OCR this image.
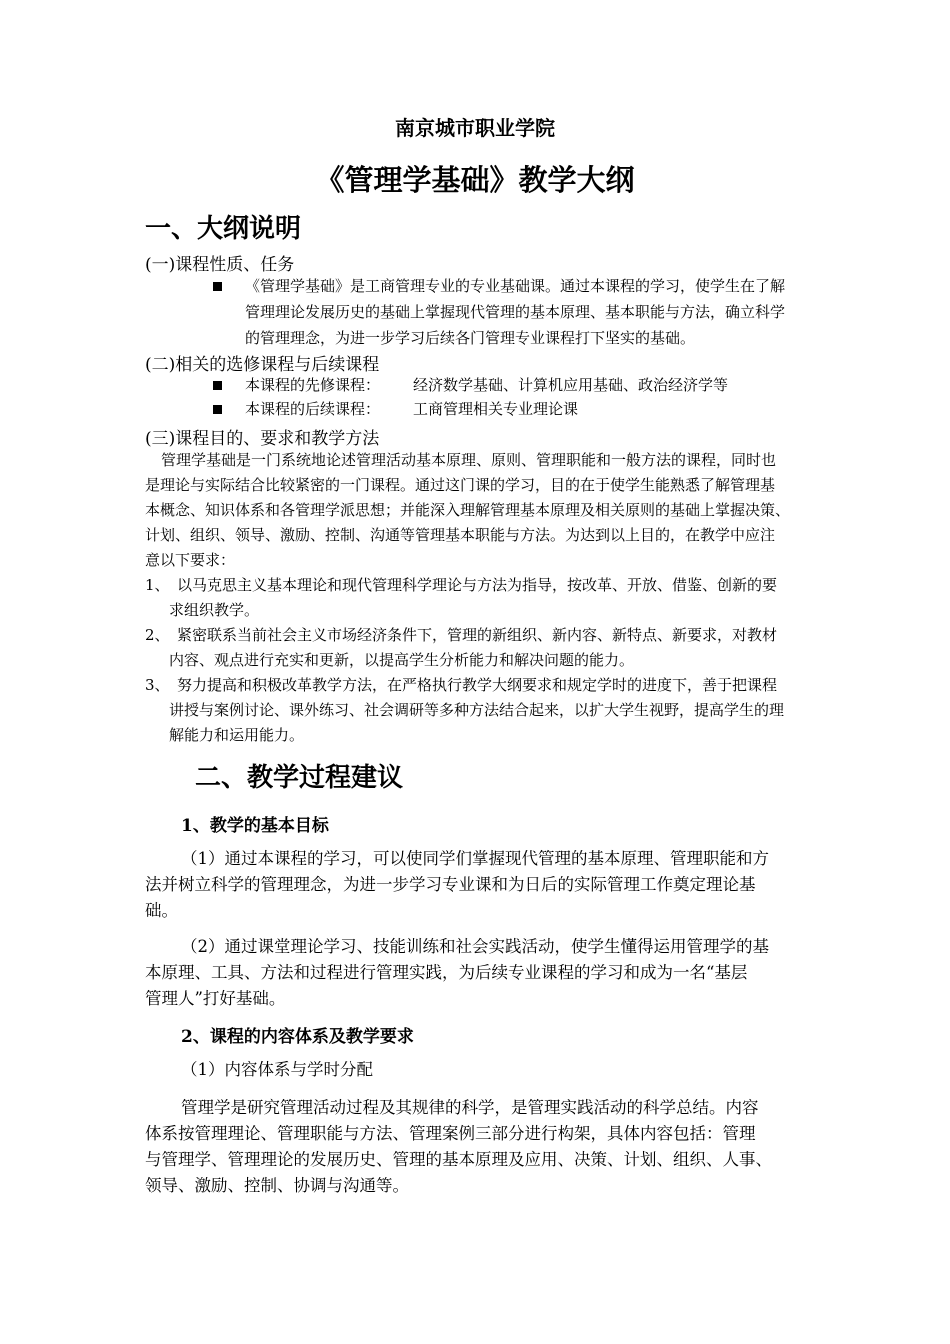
南京城市职业学院
《管理学基础》教学大纲
一、大纲说明
(一)课程性质、任务
《管理学基础》是工商管理专业的专业基础课。通过本课程的学习，使学生在了解
管理理论发展历史的基础上掌握现代管理的基本原理、基本职能与方法，确立科学
的管理理念，为进一步学习后续各门管理专业课程打下坚实的基础。
(二)相关的选修课程与后续课程
本课程的先修课程： 经济数学基础、计算机应用基础、政治经济学等
本课程的后续课程： 工商管理相关专业理论课
(三)课程目的、要求和教学方法
管理学基础是一门系统地论述管理活动基本原理、原则、管理职能和一般方法的课程，同时也
是理论与实际结合比较紧密的一门课程。通过这门课的学习，目的在于使学生能熟悉了解管理基
本概念、知识体系和各管理学派思想；并能深入理解管理基本原理及相关原则的基础上掌握决策、
计划、组织、领导、激励、控制、沟通等管理基本职能与方法。为达到以上目的，在教学中应注
意以下要求：
1、 以马克思主义基本理论和现代管理科学理论与方法为指导，按改革、开放、借鉴、创新的要
求组织教学。
2、 紧密联系当前社会主义市场经济条件下，管理的新组织、新内容、新特点、新要求，对教材
内容、观点进行充实和更新，以提高学生分析能力和解决问题的能力。
3、 努力提高和积极改革教学方法，在严格执行教学大纲要求和规定学时的进度下，善于把课程
讲授与案例讨论、课外练习、社会调研等多种方法结合起来，以扩大学生视野，提高学生的理
解能力和运用能力。
二、教学过程建议
1、教学的基本目标
（1）通过本课程的学习，可以使同学们掌握现代管理的基本原理、管理职能和方
法并树立科学的管理理念，为进一步学习专业课和为日后的实际管理工作奠定理论基
础。
（2）通过课堂理论学习、技能训练和社会实践活动，使学生懂得运用管理学的基
本原理、工具、方法和过程进行管理实践，为后续专业课程的学习和成为一名“基层
管理人”打好基础。
2、课程的内容体系及教学要求
（1）内容体系与学时分配
管理学是研究管理活动过程及其规律的科学，是管理实践活动的科学总结。内容
体系按管理理论、管理职能与方法、管理案例三部分进行构架，具体内容包括：管理
与管理学、管理理论的发展历史、管理的基本原理及应用、决策、计划、组织、人事、
领导、激励、控制、协调与沟通等。
